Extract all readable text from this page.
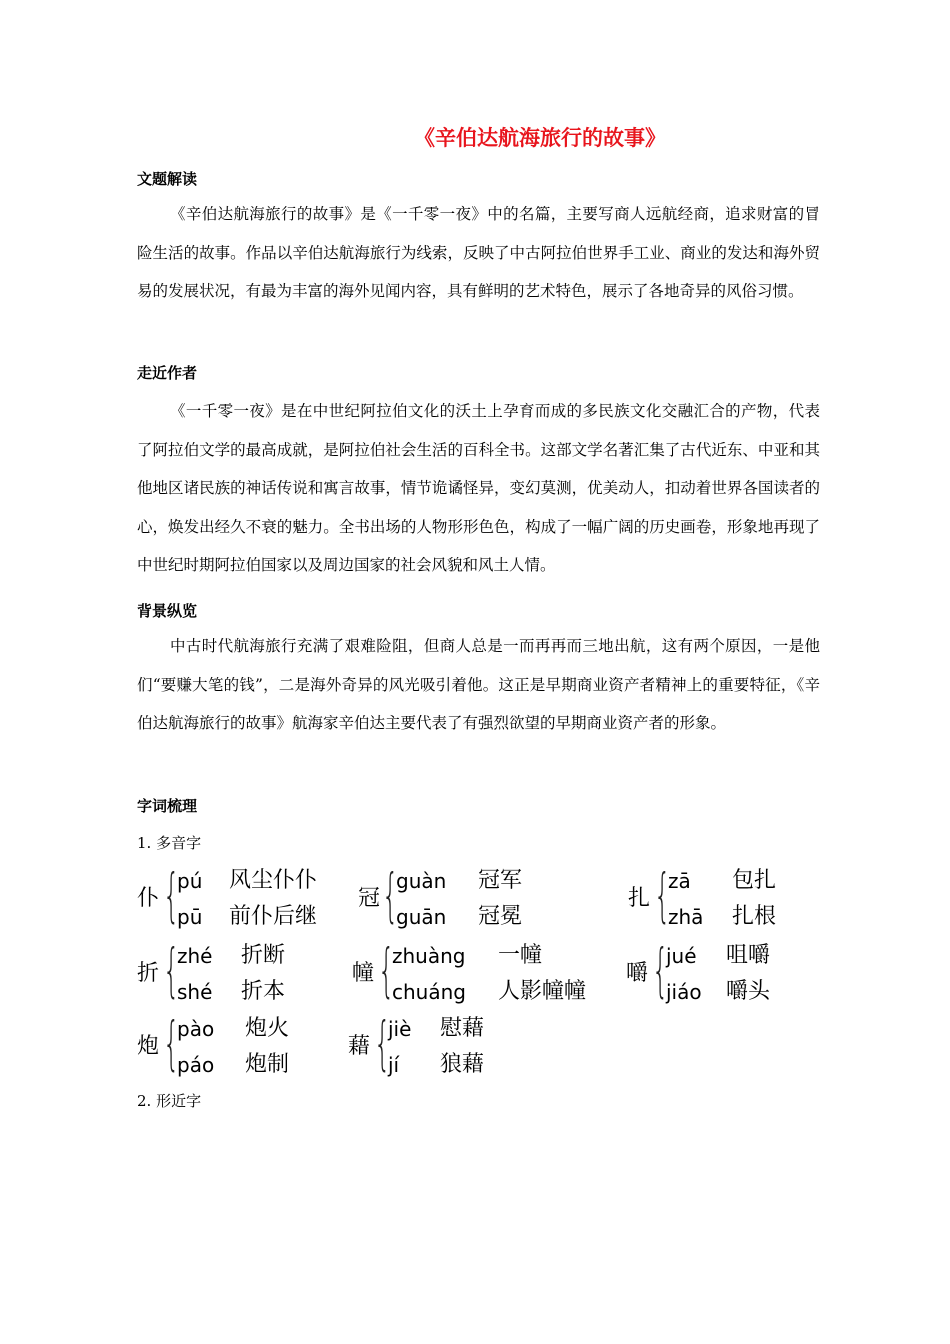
《辛伯达航海旅行的故事》
文题解读

《辛伯达航海旅行的故事》是《一千零一夜》中的名篇，主要写商人远航经商，追求财富的冒险生活的故事。作品以辛伯达航海旅行为线索，反映了中古阿拉伯世界手工业、商业的发达和海外贸易的发展状况，有最为丰富的海外见闻内容，具有鲜明的艺术特色，展示了各地奇异的风俗习惯。

走近作者

《一千零一夜》是在中世纪阿拉伯文化的沃土上孕育而成的多民族文化交融汇合的产物，代表了阿拉伯文学的最高成就，是阿拉伯社会生活的百科全书。这部文学名著汇集了古代近东、中亚和其他地区诸民族的神话传说和寓言故事，情节诡谲怪异，变幻莫测，优美动人，扣动着世界各国读者的心，焕发出经久不衰的魅力。全书出场的人物形形色色，构成了一幅广阔的历史画卷，形象地再现了中世纪时期阿拉伯国家以及周边国家的社会风貌和风土人情。

背景纵览

中古时代航海旅行充满了艰难险阻，但商人总是一而再再而三地出航，这有两个原因，一是他们“要赚大笔的钱”，二是海外奇异的风光吸引着他。这正是早期商业资产者精神上的重要特征，《辛伯达航海旅行的故事》航海家辛伯达主要代表了有强烈欲望的早期商业资产者的形象。

字词梳理
1. 多音字
仆 {
pú 风尘仆仆
pū 前仆后继
冠 {
guàn 冠军
guān 冠冕
扎 {
zā 包扎
zhā 扎根
折 {
zhé 折断
shé 折本
幢 {
zhuàng 一幢
chuáng 人影幢幢
嚼 {
jué 咀嚼
jiáo 嚼头
炮 {
pào 炮火
páo 炮制
藉 {
jiè 慰藉
jí 狼藉
2. 形近字
